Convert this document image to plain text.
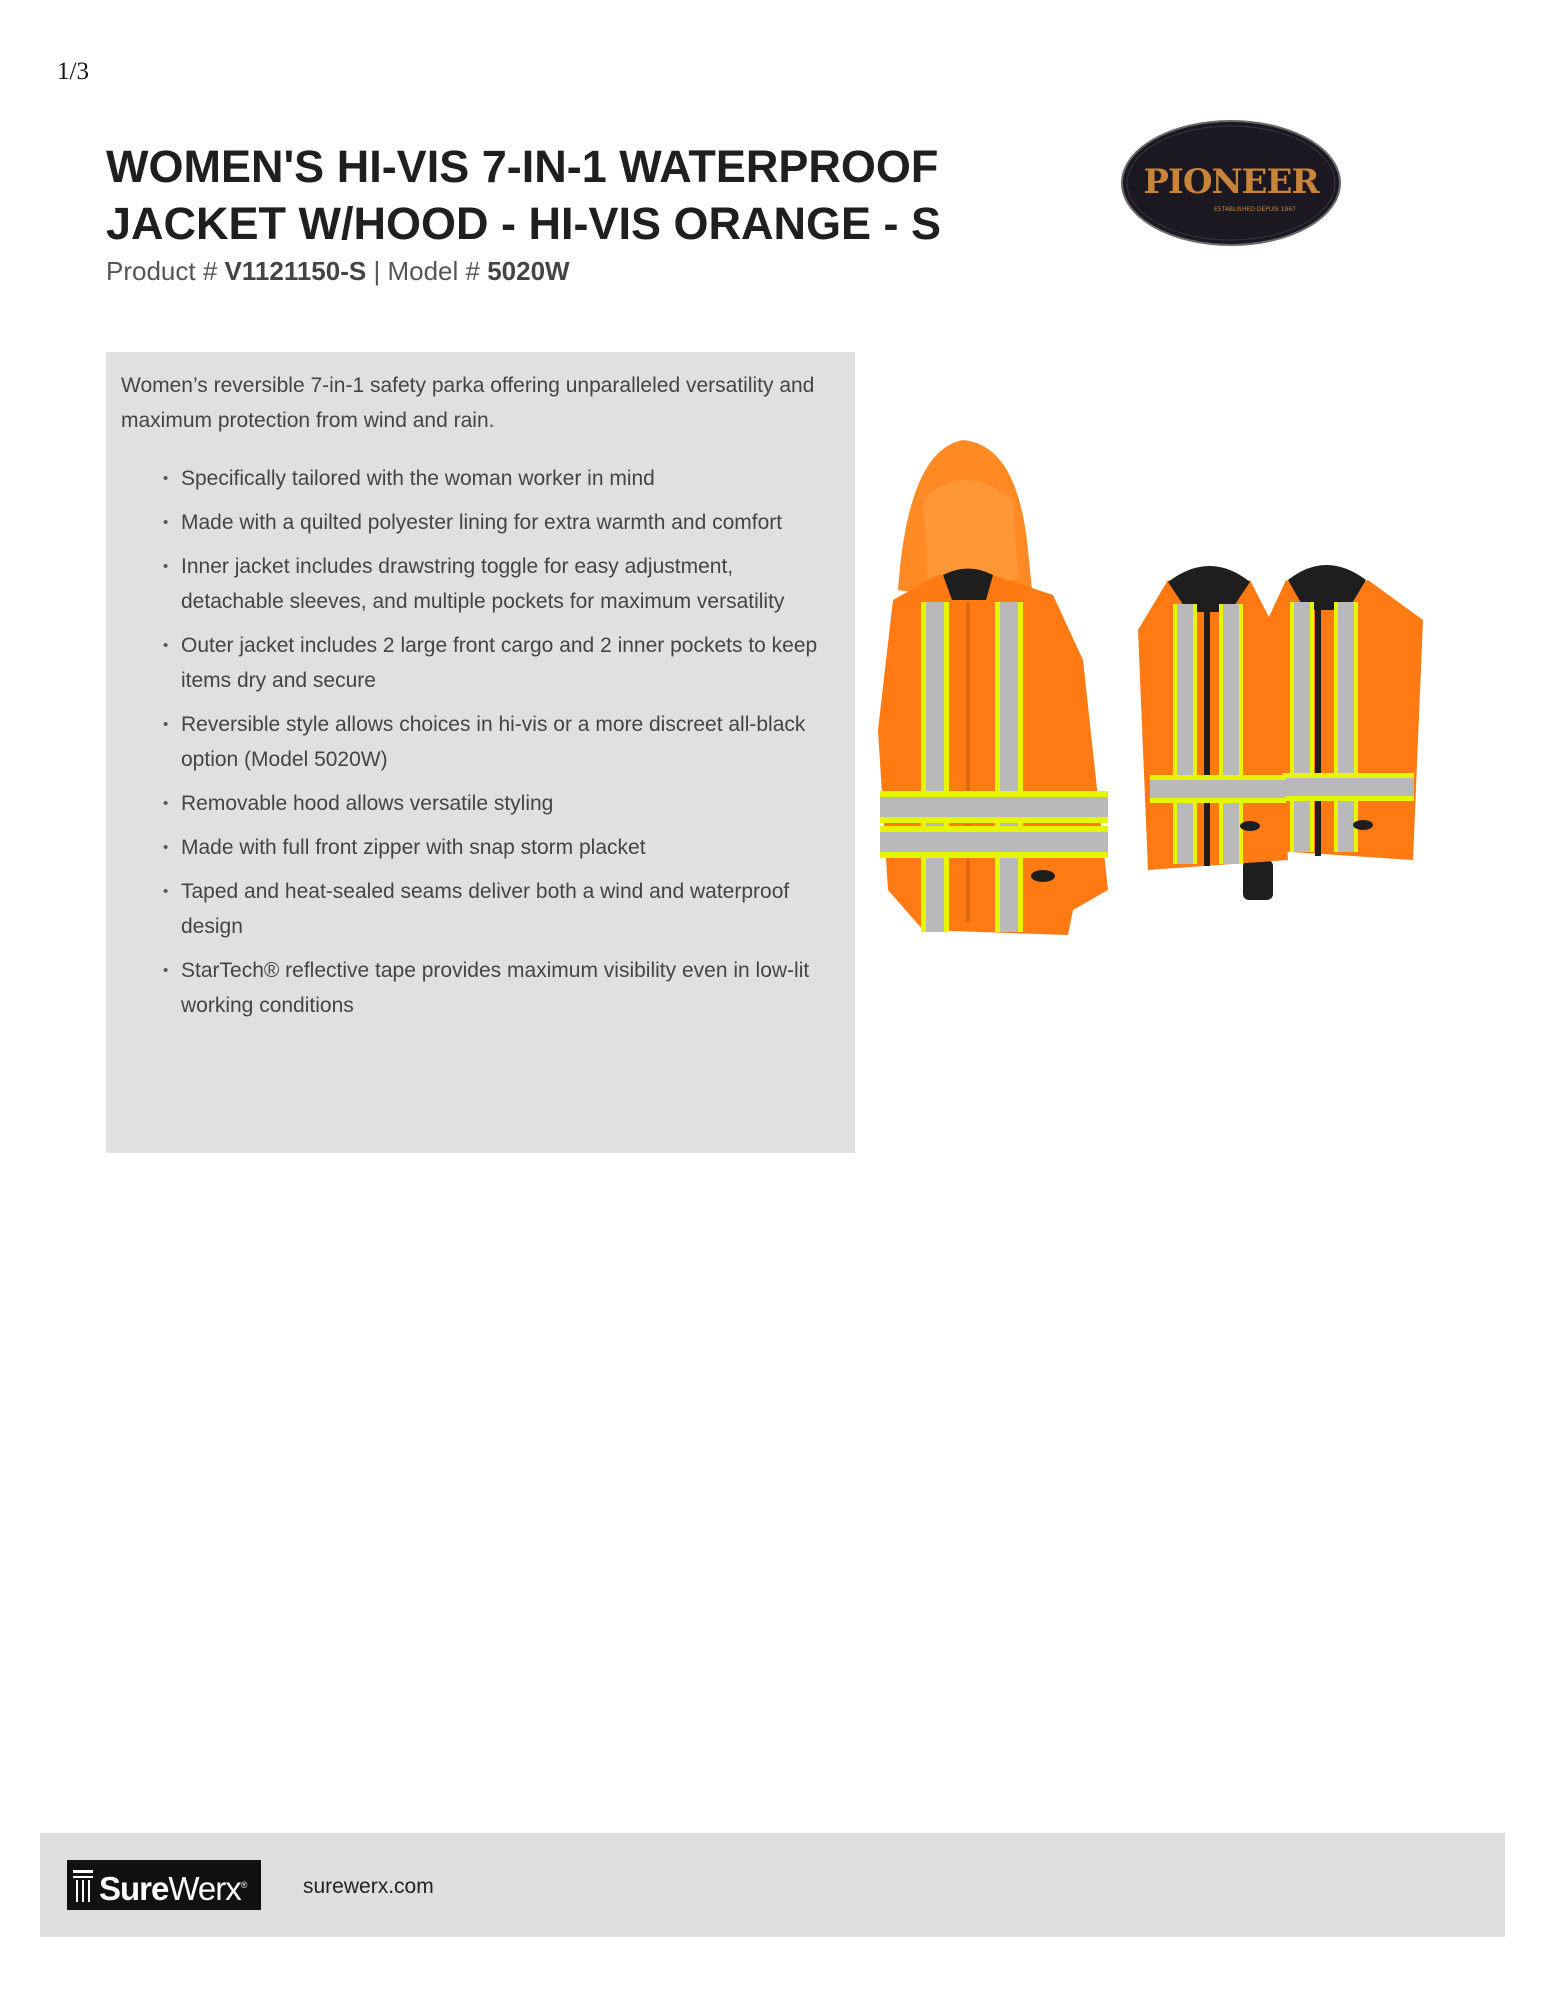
1/3
WOMEN'S HI-VIS 7-IN-1 WATERPROOF
JACKET W/HOOD - HI-VIS ORANGE - S
Product # V1121150-S | Model # 5020W
PIONEER
ESTABLISHED·DEPUIS 1967

Women’s reversible 7-in-1 safety parka offering unparalleled versatility and maximum protection from wind and rain.

• Specifically tailored with the woman worker in mind
• Made with a quilted polyester lining for extra warmth and comfort
• Inner jacket includes drawstring toggle for easy adjustment, detachable sleeves, and multiple pockets for maximum versatility
• Outer jacket includes 2 large front cargo and 2 inner pockets to keep items dry and secure
• Reversible style allows choices in hi-vis or a more discreet all-black option (Model 5020W)
• Removable hood allows versatile styling
• Made with full front zipper with snap storm placket
• Taped and heat-sealed seams deliver both a wind and waterproof design
• StarTech® reflective tape provides maximum visibility even in low-lit working conditions
SureWerx®	surewerx.com
